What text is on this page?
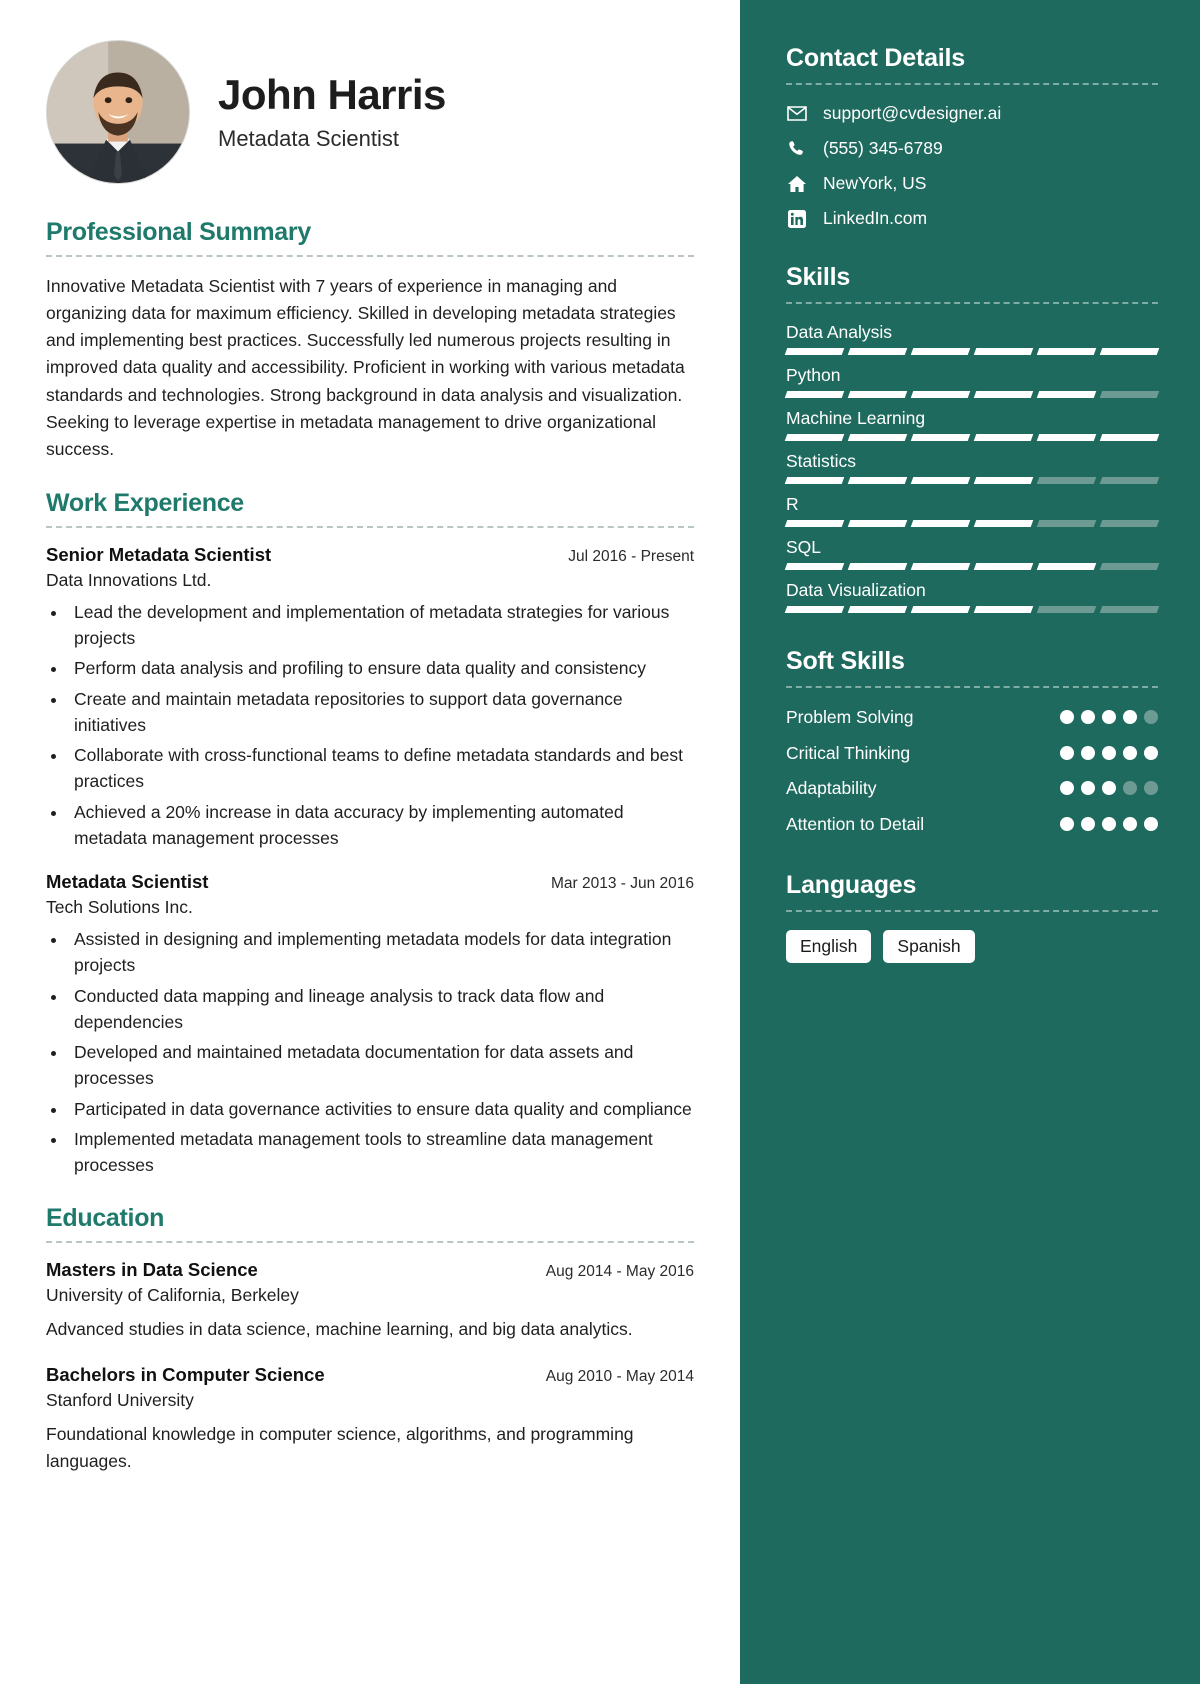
John Harris
Metadata Scientist
Professional Summary

Innovative Metadata Scientist with 7 years of experience in managing and organizing data for maximum efficiency. Skilled in developing metadata strategies and implementing best practices. Successfully led numerous projects resulting in improved data quality and accessibility. Proficient in working with various metadata standards and technologies. Strong background in data analysis and visualization. Seeking to leverage expertise in metadata management to drive organizational success.

Work Experience
Senior Metadata Scientist	Jul 2016 - Present
Data Innovations Ltd.
• Lead the development and implementation of metadata strategies for various projects
• Perform data analysis and profiling to ensure data quality and consistency
• Create and maintain metadata repositories to support data governance initiatives
• Collaborate with cross-functional teams to define metadata standards and best practices
• Achieved a 20% increase in data accuracy by implementing automated metadata management processes
Metadata Scientist	Mar 2013 - Jun 2016
Tech Solutions Inc.
• Assisted in designing and implementing metadata models for data integration projects
• Conducted data mapping and lineage analysis to track data flow and dependencies
• Developed and maintained metadata documentation for data assets and processes
• Participated in data governance activities to ensure data quality and compliance
• Implemented metadata management tools to streamline data management processes
Education
Masters in Data Science	Aug 2014 - May 2016
University of California, Berkeley
Advanced studies in data science, machine learning, and big data analytics.
Bachelors in Computer Science	Aug 2010 - May 2014
Stanford University
Foundational knowledge in computer science, algorithms, and programming languages.
Contact Details
support@cvdesigner.ai
(555) 345-6789
NewYork, US
LinkedIn.com
Skills
Data Analysis
Python
Machine Learning
Statistics
R
SQL
Data Visualization
Soft Skills
Problem Solving
Critical Thinking
Adaptability
Attention to Detail
Languages
English	Spanish
